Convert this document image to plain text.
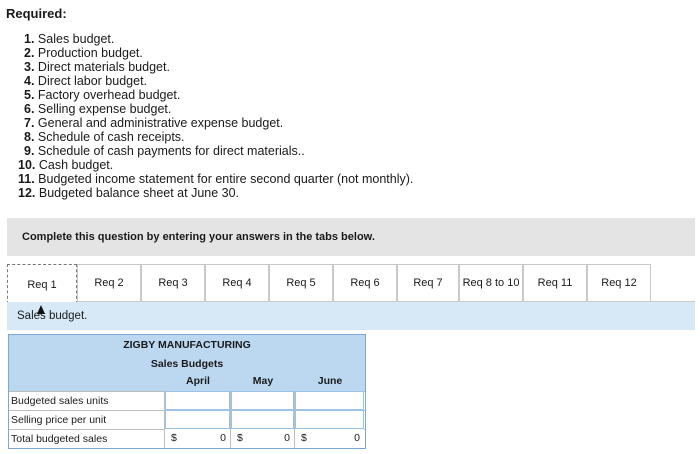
Required:
1. Sales budget.
2. Production budget.
3. Direct materials budget.
4. Direct labor budget.
5. Factory overhead budget.
6. Selling expense budget.
7. General and administrative expense budget.
8. Schedule of cash receipts.
9. Schedule of cash payments for direct materials..
10. Cash budget.
11. Budgeted income statement for entire second quarter (not monthly).
12. Budgeted balance sheet at June 30.
Complete this question by entering your answers in the tabs below.
Req 1	Req 2	Req 3	Req 4	Req 5	Req 6	Req 7 Req 8 to 10 Req 11	Req 12
Sales budget.
ZIGBY MANUFACTURING
Sales Budgets
April	May	June
Budgeted sales units
Selling price per unit
Total budgeted sales	$	0 $	0 $	0
